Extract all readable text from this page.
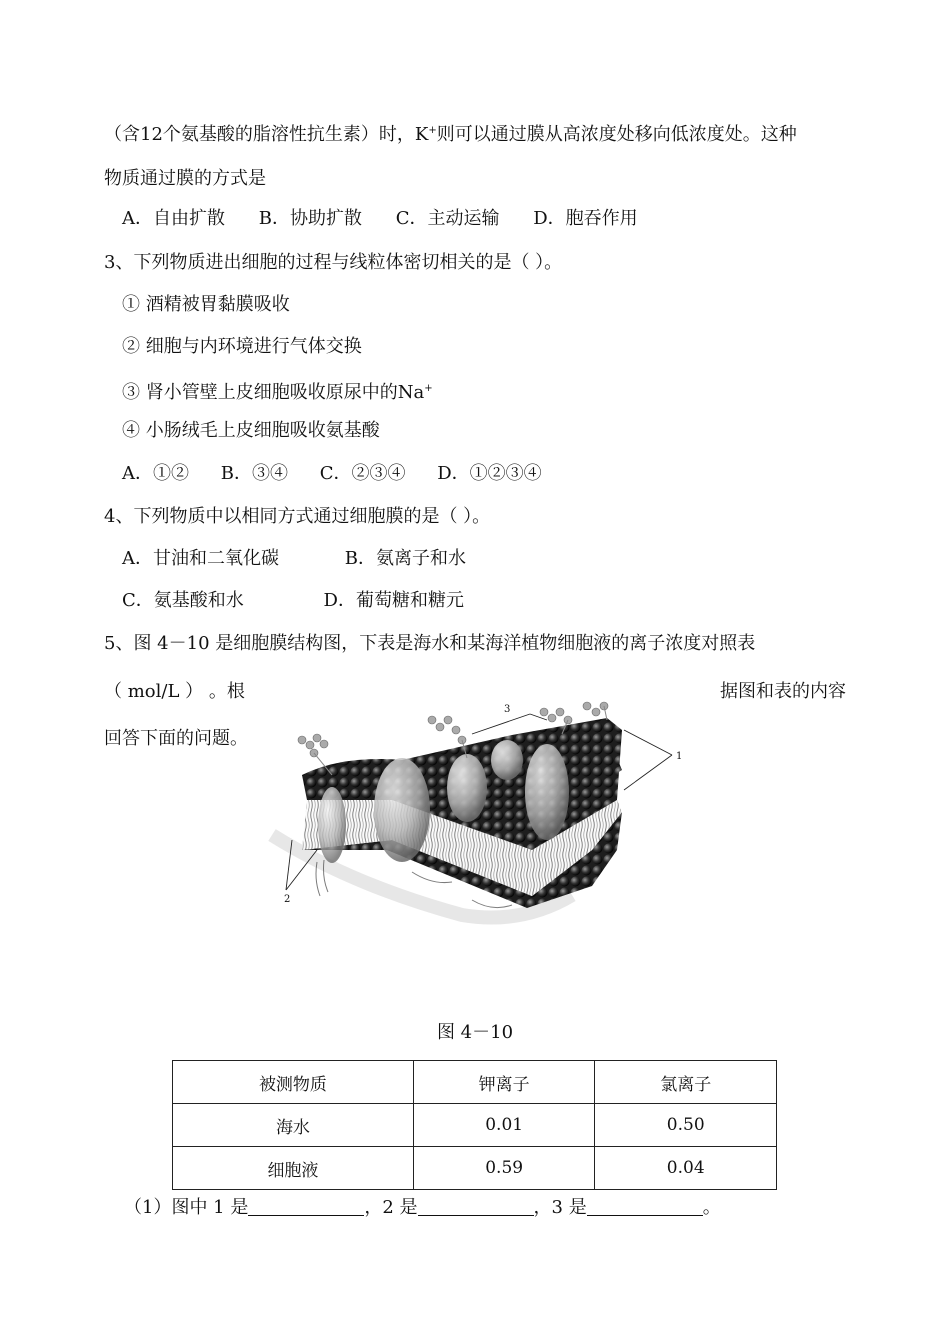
（含12个氨基酸的脂溶性抗生素）时，K+则可以通过膜从高浓度处移向低浓度处。这种
物质通过膜的方式是
A．自由扩散 B．协助扩散 C．主动运输 D．胞吞作用
3、下列物质进出细胞的过程与线粒体密切相关的是（ ）。
① 酒精被胃黏膜吸收
② 细胞与内环境进行气体交换
③ 肾小管壁上皮细胞吸收原尿中的Na+
④ 小肠绒毛上皮细胞吸收氨基酸
A．①② B．③④ C．②③④ D．①②③④
4、下列物质中以相同方式通过细胞膜的是（ ）。
A．甘油和二氧化碳	B．氨离子和水
C．氨基酸和水	D．葡萄糖和糖元
5、图 4－10 是细胞膜结构图，下表是海水和某海洋植物细胞液的离子浓度对照表
（ mol/L ） 。根	据图和表的内容
回答下面的问题。
3
1
2
图 4－10
被测物质	钾离子	氯离子
海水	0.01	0.50
细胞液	0.59	0.04
（1）图中 1 是	，2 是	，3 是	。
